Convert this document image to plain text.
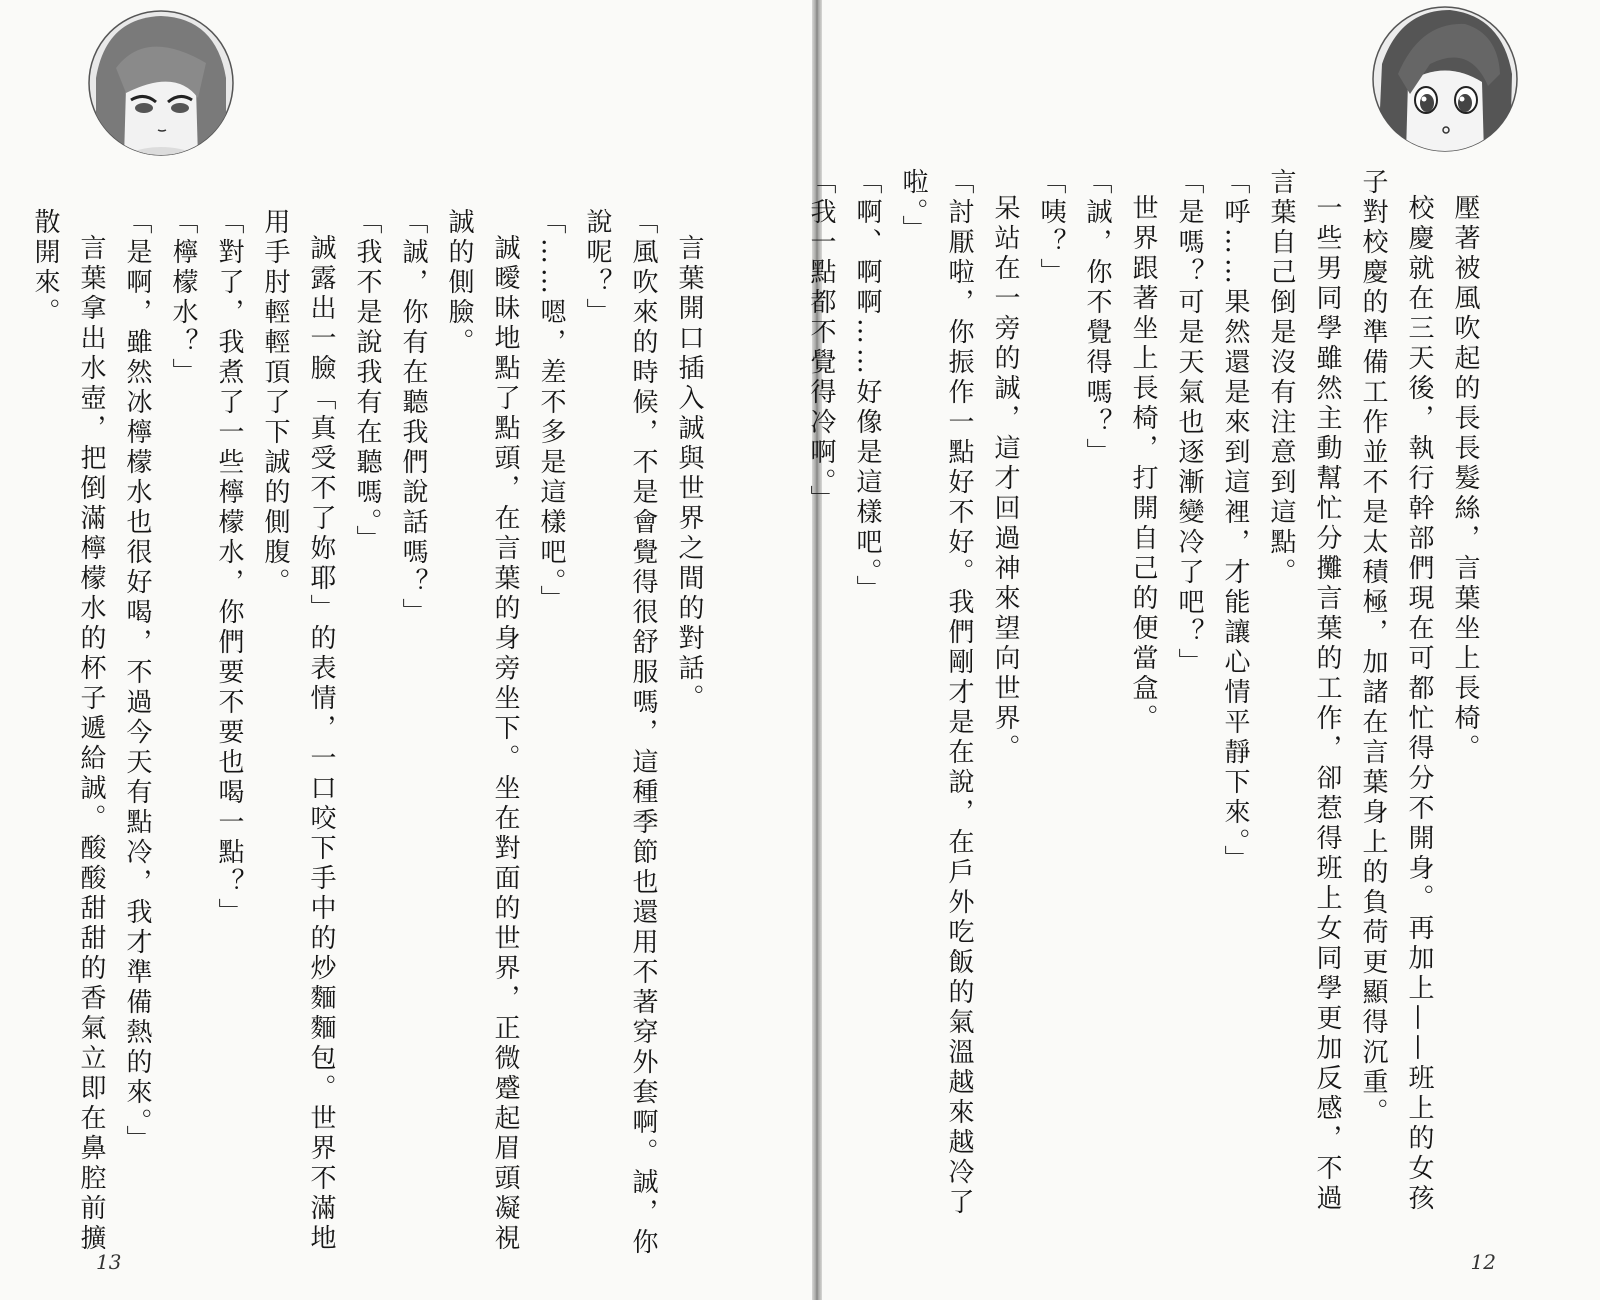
言葉開口插入誠與世界之間的對話。

「風吹來的時候，不是會覺得很舒服嗎，這種季節也還用不著穿外套啊。誠，你說呢？」

「……嗯，差不多是這樣吧。」

誠曖昧地點了點頭，在言葉的身旁坐下。坐在對面的世界，正微蹙起眉頭凝視誠的側臉。

「誠，你有在聽我們說話嗎？」

「我不是說我有在聽嗎。」

誠露出一臉「真受不了妳耶」的表情，一口咬下手中的炒麵麵包。世界不滿地用手肘輕輕頂了下誠的側腹。

「對了，我煮了一些檸檬水，你們要不要也喝一點？」

「檸檬水？」

「是啊，雖然冰檸檬水也很好喝，不過今天有點冷，我才準備熱的來。」

言葉拿出水壺，把倒滿檸檬水的杯子遞給誠。酸酸甜甜的香氣立即在鼻腔前擴散開來。

13

壓著被風吹起的長長髮絲，言葉坐上長椅。

校慶就在三天後，執行幹部們現在可都忙得分不開身。再加上——班上的女孩子對校慶的準備工作並不是太積極，加諸在言葉身上的負荷更顯得沉重。

一些男同學雖然主動幫忙分攤言葉的工作，卻惹得班上女同學更加反感，不過言葉自己倒是沒有注意到這點。

「呼……果然還是來到這裡，才能讓心情平靜下來。」

「是嗎？可是天氣也逐漸變冷了吧？」

世界跟著坐上長椅，打開自己的便當盒。

「誠，你不覺得嗎？」

「咦？」

呆站在一旁的誠，這才回過神來望向世界。

「討厭啦，你振作一點好不好。我們剛才是在說，在戶外吃飯的氣溫越來越冷了啦。」

「啊、啊啊……好像是這樣吧。」

「我一點都不覺得冷啊。」

12
